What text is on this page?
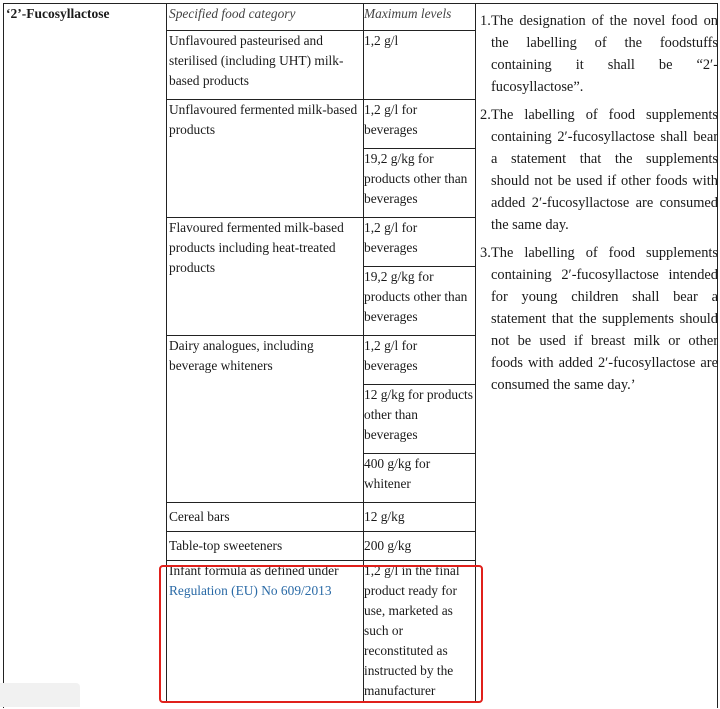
‘2’-Fucosyllactose	Specified food category	Maximum levels
Unflavoured pasteurised and sterilised (including UHT) milk-based products	1,2 g/l
Unflavoured fermented milk-based products	1,2 g/l for beverages
	19,2 g/kg for products other than beverages
Flavoured fermented milk-based products including heat-treated products	1,2 g/l for beverages
	19,2 g/kg for products other than beverages
Dairy analogues, including beverage whiteners	1,2 g/l for beverages
	12 g/kg for products other than beverages
	400 g/kg for whitener
Cereal bars	12 g/kg
Table-top sweeteners	200 g/kg
Infant formula as defined under Regulation (EU) No 609/2013	1,2 g/l in the final product ready for use, marketed as such or reconstituted as instructed by the manufacturer
1. The designation of the novel food on the labelling of the foodstuffs containing it shall be “2′-fucosyllactose”.
2. The labelling of food supplements containing 2′-fucosyllactose shall bear a statement that the supplements should not be used if other foods with added 2′-fucosyllactose are consumed the same day.
3. The labelling of food supplements containing 2′-fucosyllactose intended for young children shall bear a statement that the supplements should not be used if breast milk or other foods with added 2′-fucosyllactose are consumed the same day.’
